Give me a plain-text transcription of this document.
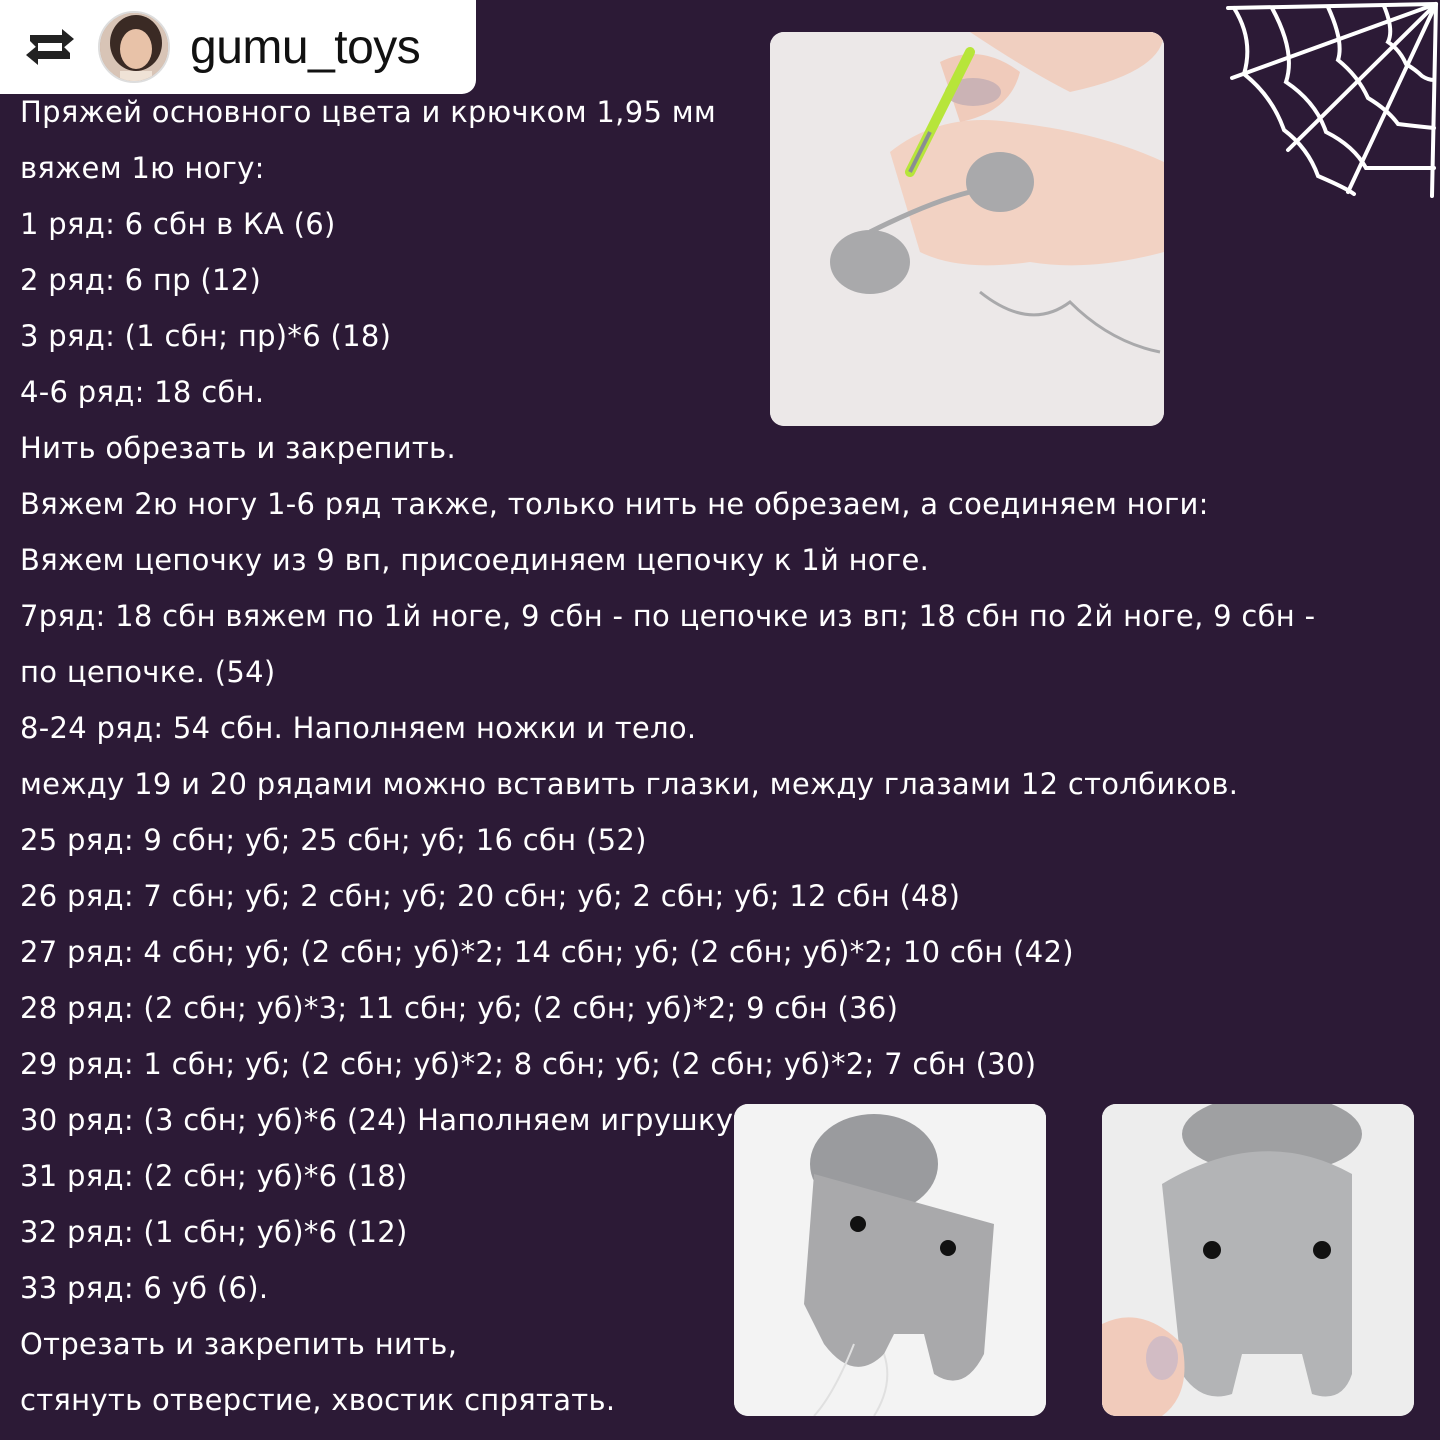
gumu_toys
Пряжей основного цвета и крючком 1,95 мм
вяжем 1ю ногу:
1 ряд: 6 сбн в КА (6)
2 ряд: 6 пр (12)
3 ряд: (1 сбн; пр)*6 (18)
4-6 ряд: 18 сбн.
Нить обрезать и закрепить.
Вяжем 2ю ногу 1-6 ряд также, только нить не обрезаем, а соединяем ноги:
Вяжем цепочку из 9 вп, присоединяем цепочку к 1й ноге.
7ряд: 18 сбн вяжем по 1й ноге, 9 сбн - по цепочке из вп; 18 сбн по 2й ноге, 9 сбн -
по цепочке. (54)
8-24 ряд: 54 сбн. Наполняем ножки и тело.
между 19 и 20 рядами можно вставить глазки, между глазами 12 столбиков.
25 ряд: 9 сбн; уб; 25 сбн; уб; 16 сбн (52)
26 ряд: 7 сбн; уб; 2 сбн; уб; 20 сбн; уб; 2 сбн; уб; 12 сбн (48)
27 ряд: 4 сбн; уб; (2 сбн; уб)*2; 14 сбн; уб; (2 сбн; уб)*2; 10 сбн (42)
28 ряд: (2 сбн; уб)*3; 11 сбн; уб; (2 сбн; уб)*2; 9 сбн (36)
29 ряд: 1 сбн; уб; (2 сбн; уб)*2; 8 сбн; уб; (2 сбн; уб)*2; 7 сбн (30)
30 ряд: (3 сбн; уб)*6 (24) Наполняем игрушку
31 ряд: (2 сбн; уб)*6 (18)
32 ряд: (1 сбн; уб)*6 (12)
33 ряд: 6 уб (6).
Отрезать и закрепить нить,
стянуть отверстие, хвостик спрятать.
